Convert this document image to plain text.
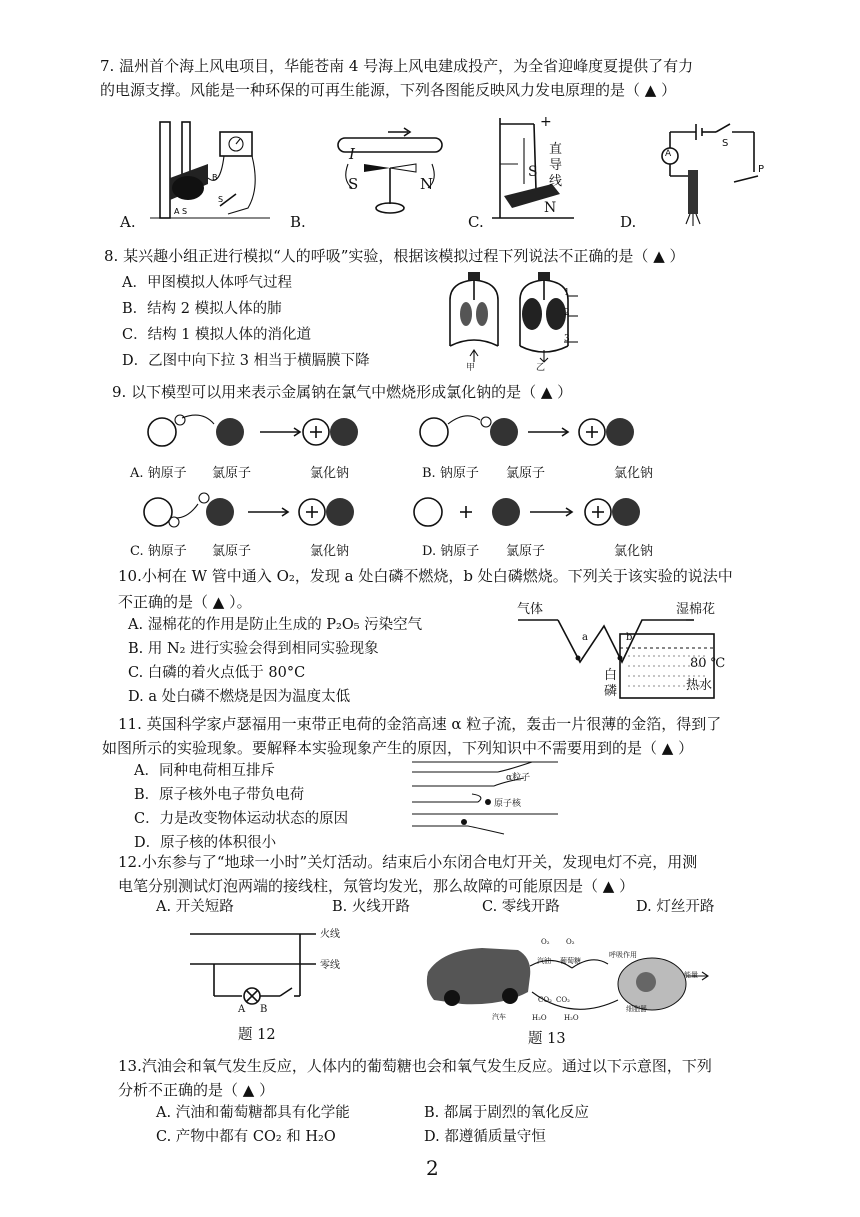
7. 温州首个海上风电项目，华能苍南 4 号海上风电建成投产，为全省迎峰度夏提供了有力
的电源支撑。风能是一种环保的可再生能源，下列各图能反映风力发电原理的是（ ▲ ）
B
A S
S
A.
I
S	N
B.
+
直
导
线
S
N
C.
A
S
P
D.
8. 某兴趣小组正进行模拟“人的呼吸”实验，根据该模拟过程下列说法不正确的是（ ▲ ）
A．甲图模拟人体呼气过程
B．结构 2 模拟人体的肺
C．结构 1 模拟人体的消化道
D．乙图中向下拉 3 相当于横膈膜下降
1
2
3
甲	乙
9. 以下模型可以用来表示金属钠在氯气中燃烧形成氯化钠的是（ ▲ ）
A. 钠原子 氯原子	氯化钠	B. 钠原子 氯原子	氯化钠
C. 钠原子 氯原子	氯化钠	D. 钠原子 氯原子	氯化钠
10.小柯在 W 管中通入 O₂，发现 a 处白磷不燃烧，b 处白磷燃烧。下列关于该实验的说法中
不正确的是（ ▲ ）。
A. 湿棉花的作用是防止生成的 P₂O₅ 污染空气
B. 用 N₂ 进行实验会得到相同实验现象
C. 白磷的着火点低于 80°C
D. a 处白磷不燃烧是因为温度太低
气体	湿棉花
a	b
白
磷
80 ℃
热水
11. 英国科学家卢瑟福用一束带正电荷的金箔高速 α 粒子流，轰击一片很薄的金箔，得到了
如图所示的实验现象。要解释本实验现象产生的原因，下列知识中不需要用到的是（ ▲ ）
A．同种电荷相互排斥
B．原子核外电子带负电荷
C．力是改变物体运动状态的原因
D．原子核的体积很小
α粒子
原子核
12.小东参与了“地球一小时”关灯活动。结束后小东闭合电灯开关，发现电灯不亮，用测
电笔分别测试灯泡两端的接线柱，氖管均发光，那么故障的可能原因是（ ▲ ）
A. 开关短路	B. 火线开路	C. 零线开路	D. 灯丝开路
火线
零线
A B
题 12
O₂ O₂
汽油 葡萄糖
呼吸作用
能量
CO₂ CO₂
H₂O H₂O
汽车
细胞器
题 13
13.汽油会和氧气发生反应，人体内的葡萄糖也会和氧气发生反应。通过以下示意图，下列
分析不正确的是（ ▲ ）
A. 汽油和葡萄糖都具有化学能	B. 都属于剧烈的氧化反应
C. 产物中都有 CO₂ 和 H₂O	D. 都遵循质量守恒
2
